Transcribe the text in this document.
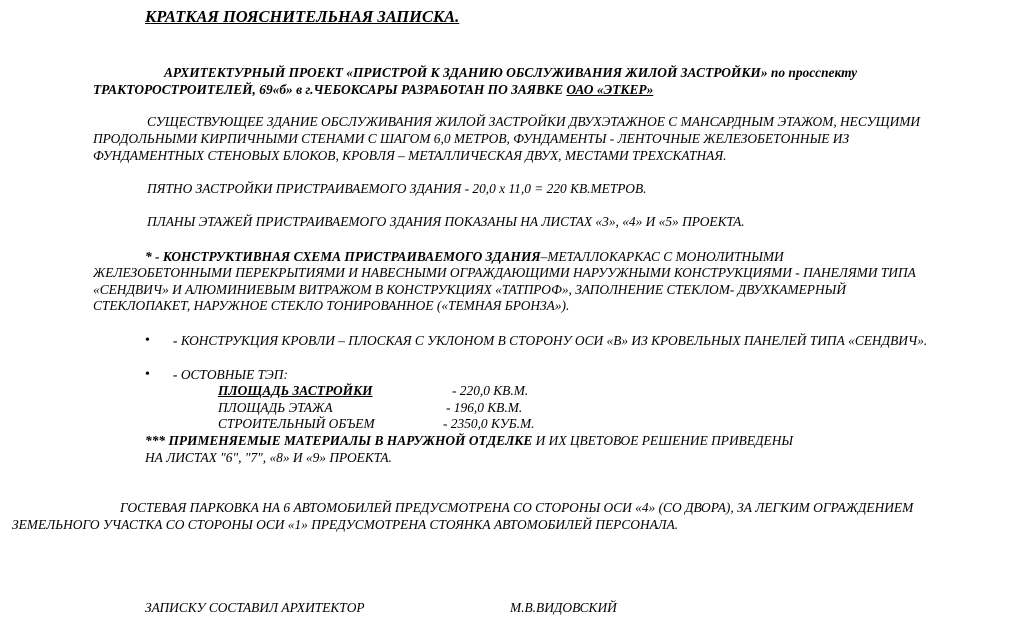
КРАТКАЯ ПОЯСНИТЕЛЬНАЯ ЗАПИСКА.
АРХИТЕКТУРНЫЙ ПРОЕКТ «ПРИСТРОЙ К ЗДАНИЮ ОБСЛУЖИВАНИЯ ЖИЛОЙ ЗАСТРОЙКИ» по просспекту
ТРАКТОРОСТРОИТЕЛЕЙ, 69«б» в г.ЧЕБОКСАРЫ РАЗРАБОТАН ПО ЗАЯВКЕ ОАО «ЭТКЕР»
СУЩЕСТВУЮЩЕЕ ЗДАНИЕ ОБСЛУЖИВАНИЯ ЖИЛОЙ ЗАСТРОЙКИ ДВУХЭТАЖНОЕ С МАНСАРДНЫМ ЭТАЖОМ, НЕСУЩИМИ
ПРОДОЛЬНЫМИ КИРПИЧНЫМИ СТЕНАМИ С ШАГОМ 6,0 МЕТРОВ, ФУНДАМЕНТЫ - ЛЕНТОЧНЫЕ ЖЕЛЕЗОБЕТОННЫЕ ИЗ
ФУНДАМЕНТНЫХ СТЕНОВЫХ БЛОКОВ, КРОВЛЯ – МЕТАЛЛИЧЕСКАЯ ДВУХ, МЕСТАМИ ТРЕХСКАТНАЯ.
ПЯТНО ЗАСТРОЙКИ ПРИСТРАИВАЕМОГО ЗДАНИЯ - 20,0 х 11,0 = 220 КВ.МЕТРОВ.
ПЛАНЫ ЭТАЖЕЙ ПРИСТРАИВАЕМОГО ЗДАНИЯ ПОКАЗАНЫ НА ЛИСТАХ «3», «4» И «5» ПРОЕКТА.
* - КОНСТРУКТИВНАЯ СХЕМА ПРИСТРАИВАЕМОГО ЗДАНИЯ–МЕТАЛЛОКАРКАС С МОНОЛИТНЫМИ
ЖЕЛЕЗОБЕТОННЫМИ ПЕРЕКРЫТИЯМИ И НАВЕСНЫМИ ОГРАЖДАЮЩИМИ НАРУУЖНЫМИ КОНСТРУКЦИЯМИ - ПАНЕЛЯМИ ТИПА
«СЕНДВИЧ» И АЛЮМИНИЕВЫМ ВИТРАЖОМ В КОНСТРУКЦИЯХ «ТАТПРОФ», ЗАПОЛНЕНИЕ СТЕКЛОМ- ДВУХКАМЕРНЫЙ
СТЕКЛОПАКЕТ, НАРУЖНОЕ СТЕКЛО ТОНИРОВАННОЕ («ТЕМНАЯ БРОНЗА»).
• - КОНСТРУКЦИЯ КРОВЛИ – ПЛОСКАЯ С УКЛОНОМ В СТОРОНУ ОСИ «В» ИЗ КРОВЕЛЬНЫХ ПАНЕЛЕЙ ТИПА «СЕНДВИЧ».
• - ОСТОВНЫЕ ТЭП:
ПЛОЩАДЬ ЗАСТРОЙКИ	- 220,0 КВ.М.
ПЛОЩАДЬ ЭТАЖА	- 196,0 КВ.М.
СТРОИТЕЛЬНЫЙ ОБЪЕМ	- 2350,0 КУБ.М.
*** ПРИМЕНЯЕМЫЕ МАТЕРИАЛЫ В НАРУЖНОЙ ОТДЕЛКЕ И ИХ ЦВЕТОВОЕ РЕШЕНИЕ ПРИВЕДЕНЫ
НА ЛИСТАХ "6", "7", «8» И «9» ПРОЕКТА.
ГОСТЕВАЯ ПАРКОВКА НА 6 АВТОМОБИЛЕЙ ПРЕДУСМОТРЕНА СО СТОРОНЫ ОСИ «4» (СО ДВОРА), ЗА ЛЕГКИМ ОГРАЖДЕНИЕМ
ЗЕМЕЛЬНОГО УЧАСТКА СО СТОРОНЫ ОСИ «1» ПРЕДУСМОТРЕНА СТОЯНКА АВТОМОБИЛЕЙ ПЕРСОНАЛА.
ЗАПИСКУ СОСТАВИЛ АРХИТЕКТОР	М.В.ВИДОВСКИЙ
